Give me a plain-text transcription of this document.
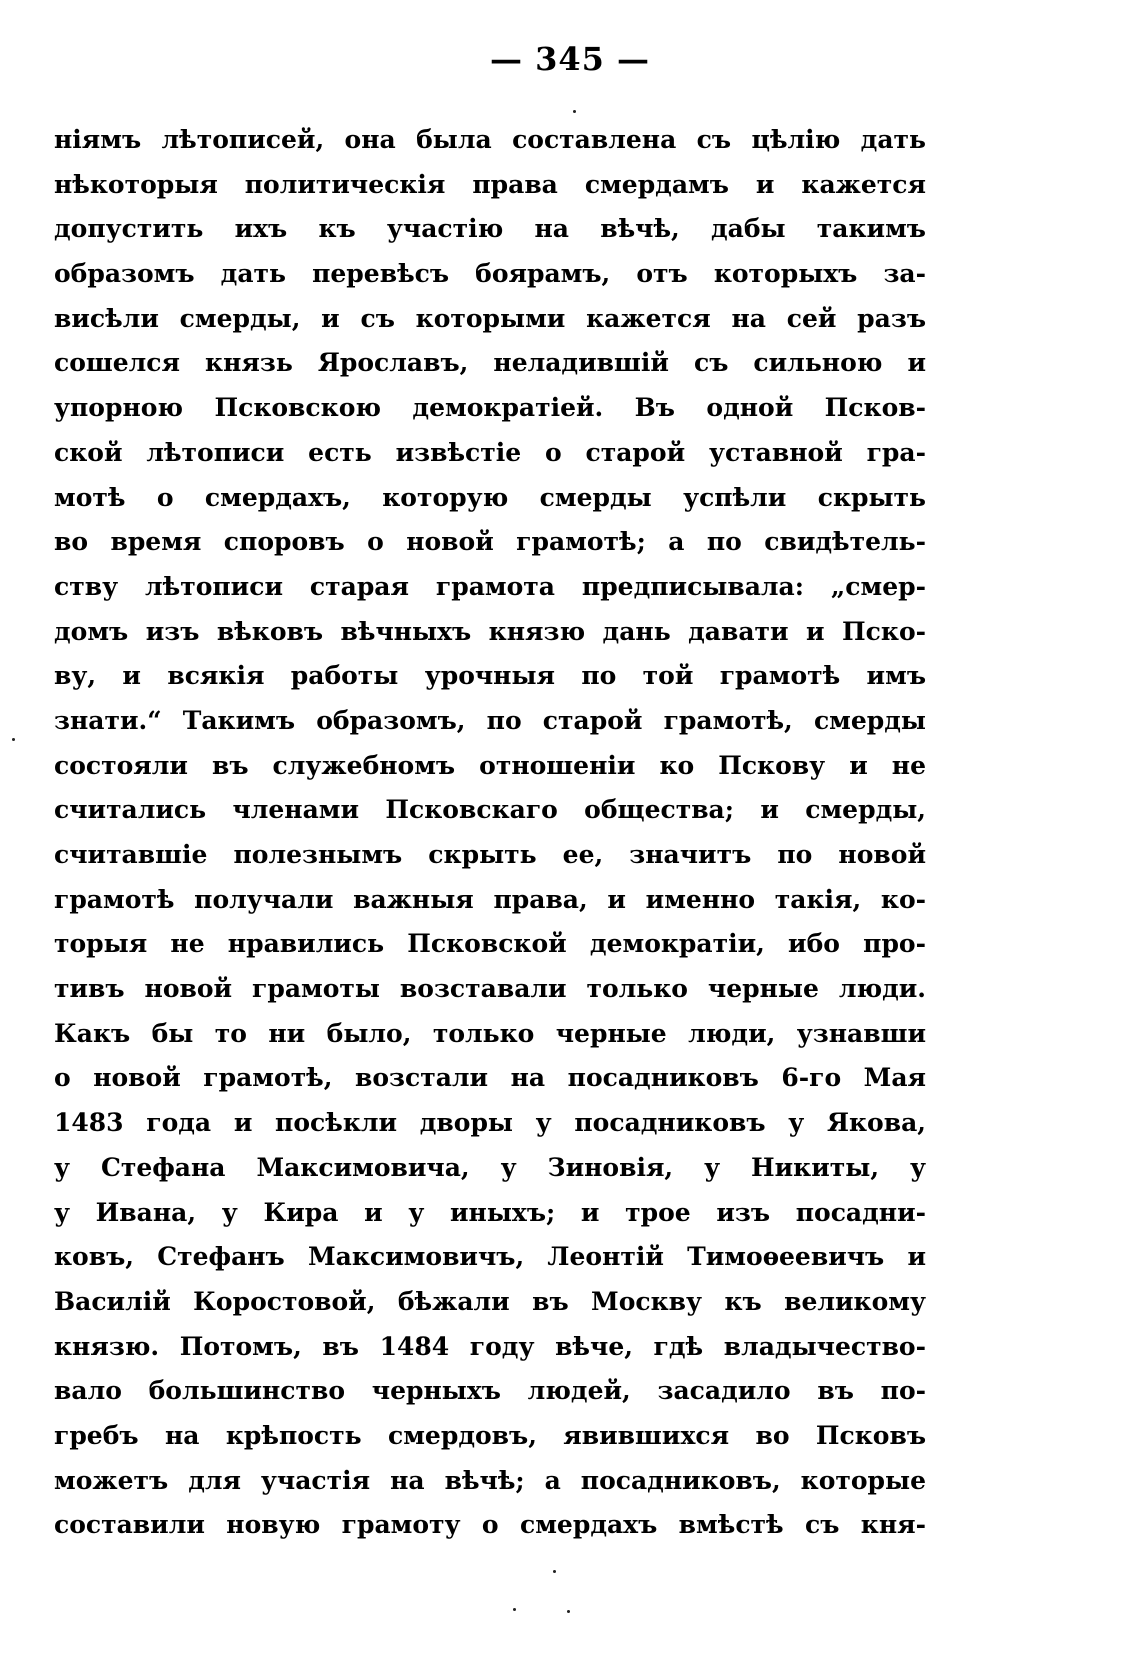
— 345 —
ніямъ лѣтописей, она была составлена съ цѣлію дать
нѣкоторыя политическія права смердамъ и кажется
допустить ихъ къ участію на вѣчѣ, дабы такимъ
образомъ дать перевѣсъ боярамъ, отъ которыхъ за-
висѣли смерды, и съ которыми кажется на сей разъ
сошелся князь Ярославъ, неладившій съ сильною и
упорною Псковскою демократіей. Въ одной Псков-
ской лѣтописи есть извѣстіе о старой уставной гра-
мотѣ о смердахъ, которую смерды успѣли скрыть
во время споровъ о новой грамотѣ; а по свидѣтель-
ству лѣтописи старая грамота предписывала: „смер-
домъ изъ вѣковъ вѣчныхъ князю дань давати и Пско-
ву, и всякія работы урочныя по той грамотѣ имъ
знати.“ Такимъ образомъ, по старой грамотѣ, смерды
состояли въ служебномъ отношеніи ко Пскову и не
считались членами Псковскаго общества; и смерды,
считавшіе полезнымъ скрыть ее, значитъ по новой
грамотѣ получали важныя права, и именно такія, ко-
торыя не нравились Псковской демократіи, ибо про-
тивъ новой грамоты возставали только черные люди.
Какъ бы то ни было, только черные люди, узнавши
о новой грамотѣ, возстали на посадниковъ 6-го Мая
1483 года и посѣкли дворы у посадниковъ у Якова,
у Стефана Максимовича, у Зиновія, у Никиты, у
у Ивана, у Кира и у иныхъ; и трое изъ посадни-
ковъ, Стефанъ Максимовичъ, Леонтій Тимоѳеевичъ и
Василій Коростовой, бѣжали въ Москву къ великому
князю. Потомъ, въ 1484 году вѣче, гдѣ владычество-
вало большинство черныхъ людей, засадило въ по-
гребъ на крѣпость смердовъ, явившихся во Псковъ
можетъ для участія на вѣчѣ; а посадниковъ, которые
составили новую грамоту о смердахъ вмѣстѣ съ кня-
